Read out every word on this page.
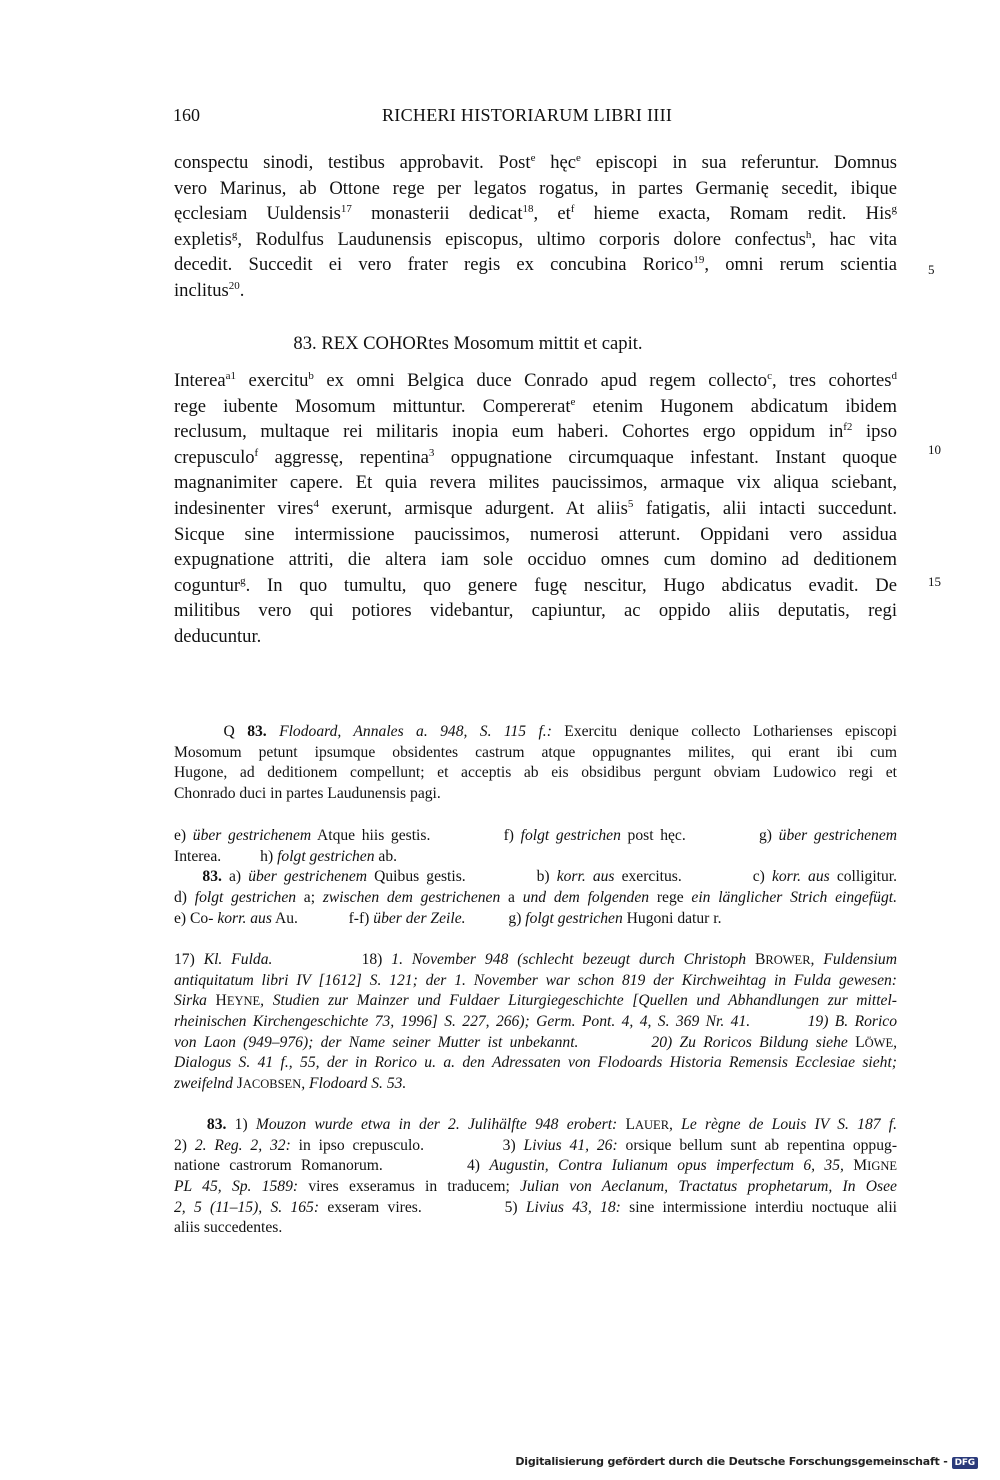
160	RICHERI HISTORIARUM LIBRI IIII
conspectu sinodi, testibus approbavit. Post$^e$ hęc$^e$ episcopi in sua referuntur. Domnus
vero Marinus, ab Ottone rege per legatos rogatus, in partes Germanię secedit, ibique
ęcclesiam Uuldensis$^{17}$ monasterii dedicat$^{18}$, $et^f$ hieme exacta, Romam redit. His$^g$
expletis$^g$, Rodulfus Laudunensis episcopus, ultimo corporis dolore confectus$^h$, hac vita
decedit. Succedit ei vero frater regis ex concubina Rorico$^{19}$, omni rerum scientia
inclitus$^{20}$.
5
83. REX COHORtes Mosomum mittit et capit.
Interea$^{a1}$ exercitu$^b$ ex omni Belgica duce Conrado apud regem collecto$^c$, tres cohortes$^d$
rege iubente Mosomum mittuntur. Compererat$^e$ etenim Hugonem abdicatum ibidem
reclusum, multaque rei militaris inopia eum haberi. Cohortes ergo oppidum $in^{f2}$ ipso
crepusculo$^f$ aggressę, repentina$^3$ oppugnatione circumquaque infestant. Instant quoque
magnanimiter capere. Et quia revera milites paucissimos, armaque vix aliqua sciebant,
indesinenter vires$^4$ exerunt, armisque adurgent. At aliis$^5$ fatigatis, alii intacti succedunt.
Sicque sine intermissione paucissimos, numerosi atterunt. Oppidani vero assidua
expugnatione attriti, die altera iam sole occiduo omnes cum domino ad deditionem
coguntur$^g$. In quo tumultu, quo genere fugę nescitur, Hugo abdicatus evadit. De
militibus vero qui potiores videbantur, capiuntur, ac oppido aliis deputatis, regi
deducuntur.
10
15
Q 83. Flodoard, Annales a. 948, S. 115 f.: Exercitu denique collecto Lotharienses episcopi
Mosomum petunt ipsumque obsidentes castrum atque oppugnantes milites, qui erant ibi cum
Hugone, ad deditionem compellunt; et acceptis ab eis obsidibus pergunt obviam Ludowico regi et
Chonrado duci in partes Laudunensis pagi.
e) über gestrichenem Atque hiis gestis.           f) folgt gestrichen post hęc.           g) über gestrichenem
Interea.          h) folgt gestrichen ab.
83. a) über gestrichenem Quibus gestis.          b) korr. aus exercitus.          c) korr. aus colligitur.
d) folgt gestrichen a; zwischen dem gestrichenen a und dem folgenden rege ein länglicher Strich eingefügt.
e) Co- korr. aus Au.             f-f) über der Zeile.           g) folgt gestrichen Hugoni datur r.
17) Kl. Fulda.          18) 1. November 948 (schlecht bezeugt durch Christoph BROWER, Fuldensium
antiquitatum libri IV [1612] S. 121; der 1. November war schon 819 der Kirchweihtag in Fulda gewesen:
Sirka HEYNE, Studien zur Mainzer und Fuldaer Liturgiegeschichte [Quellen und Abhandlungen zur mittel-
rheinischen Kirchengeschichte 73, 1996] S. 227, 266); Germ. Pont. 4, 4, S. 369 Nr. 41.	19) B. Rorico
von Laon (949–976); der Name seiner Mutter ist unbekannt.	20) Zu Roricos Bildung siehe LÖWE,
Dialogus S. 41 f., 55, der in Rorico u. a. den Adressaten von Flodoards Historia Remensis Ecclesiae sieht;
zweifelnd JACOBSEN, Flodoard S. 53.
83. 1) Mouzon wurde etwa in der 2. Julihälfte 948 erobert: LAUER, Le règne de Louis IV S. 187 f.
2) 2. Reg. 2, 32: in ipso crepusculo.          3) Livius 41, 26: orsique bellum sunt ab repentina oppug-
natione castrorum Romanorum.         4) Augustin, Contra Iulianum opus imperfectum 6, 35, MIGNE
PL 45, Sp. 1589: vires exseramus in traducem; Julian von Aeclanum, Tractatus prophetarum, In Osee
2, 5 (11–15), S. 165: exseram vires.          5) Livius 43, 18: sine intermissione interdiu noctuque alii
aliis succedentes.
Digitalisierung gefördert durch die Deutsche Forschungsgemeinschaft - DFG
